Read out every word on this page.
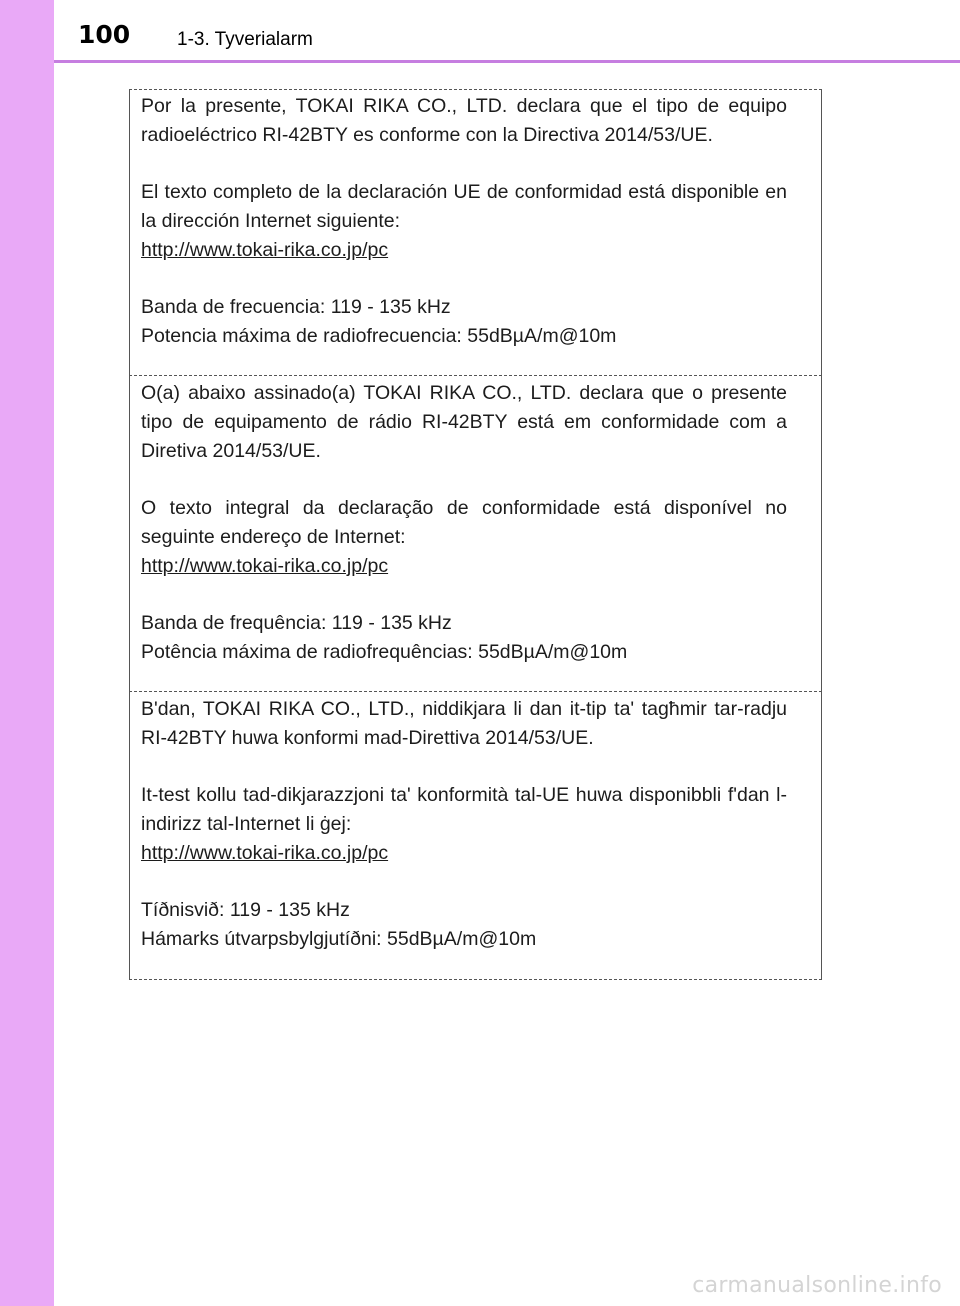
100 1-3. Tyverialarm

Por la presente, TOKAI RIKA CO., LTD. declara que el tipo de equipo radioeléctrico RI-42BTY es conforme con la Directiva 2014/53/UE.

El texto completo de la declaración UE de conformidad está disponible en la dirección Internet siguiente:

http://www.tokai-rika.co.jp/pc

Banda de frecuencia: 119 - 135 kHz

Potencia máxima de radiofrecuencia: 55dBµA/m@10m

O(a) abaixo assinado(a) TOKAI RIKA CO., LTD. declara que o presente tipo de equipamento de rádio RI-42BTY está em conformidade com a Diretiva 2014/53/UE.

O texto integral da declaração de conformidade está disponível no seguinte endereço de Internet:

http://www.tokai-rika.co.jp/pc

Banda de frequência: 119 - 135 kHz

Potência máxima de radiofrequências: 55dBµA/m@10m

B'dan, TOKAI RIKA CO., LTD., niddikjara li dan it-tip ta' tagħmir tar-radju RI-42BTY huwa konformi mad-Direttiva 2014/53/UE.

It-test kollu tad-dikjarazzjoni ta' konformità tal-UE huwa disponibbli f'dan l-indirizz tal-Internet li ġej:

http://www.tokai-rika.co.jp/pc

Tíðnisvið: 119 - 135 kHz

Hámarks útvarpsbylgjutíðni: 55dBµA/m@10m

carmanualsonline.info
